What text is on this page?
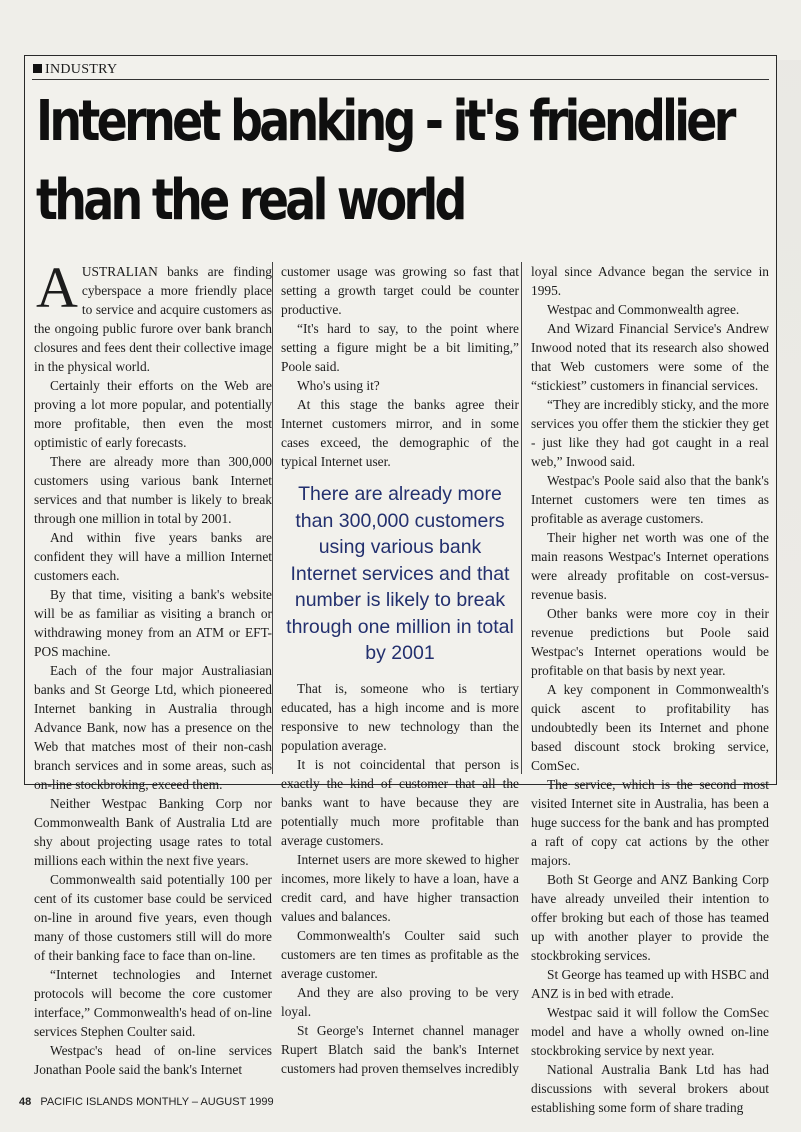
INDUSTRY
Internet banking - it's friendlier
than the real world

AUSTRALIAN banks are finding cyberspace a more friendly place to service and acquire customers as the ongoing public furore over bank branch closures and fees dent their collective image in the physical world.

Certainly their efforts on the Web are proving a lot more popular, and potentially more profitable, then even the most optimistic of early forecasts.

There are already more than 300,000 customers using various bank Internet services and that number is likely to break through one million in total by 2001.

And within five years banks are confident they will have a million Internet customers each.

By that time, visiting a bank's website will be as familiar as visiting a branch or withdrawing money from an ATM or EFT-POS machine.

Each of the four major Australiasian banks and St George Ltd, which pioneered Internet banking in Australia through Advance Bank, now has a presence on the Web that matches most of their non-cash branch services and in some areas, such as on-line stockbroking, exceed them.

Neither Westpac Banking Corp nor Commonwealth Bank of Australia Ltd are shy about projecting usage rates to total millions each within the next five years.

Commonwealth said potentially 100 per cent of its customer base could be serviced on-line in around five years, even though many of those customers still will do more of their banking face to face than on-line.

“Internet technologies and Internet protocols will become the core customer interface,” Commonwealth's head of on-line services Stephen Coulter said.

Westpac's head of on-line services Jonathan Poole said the bank's Internet

customer usage was growing so fast that setting a growth target could be counter productive.

“It's hard to say, to the point where setting a figure might be a bit limiting,” Poole said.

Who's using it?

At this stage the banks agree their Internet customers mirror, and in some cases exceed, the demographic of the typical Internet user.

There are already more than 300,000 customers using various bank Internet services and that number is likely to break through one million in total by 2001

That is, someone who is tertiary educated, has a high income and is more responsive to new technology than the population average.

It is not coincidental that person is exactly the kind of customer that all the banks want to have because they are potentially much more profitable than average customers.

Internet users are more skewed to higher incomes, more likely to have a loan, have a credit card, and have higher transaction values and balances.

Commonwealth's Coulter said such customers are ten times as profitable as the average customer.

And they are also proving to be very loyal.

St George's Internet channel manager Rupert Blatch said the bank's Internet customers had proven themselves incredibly

loyal since Advance began the service in 1995.

Westpac and Commonwealth agree.

And Wizard Financial Service's Andrew Inwood noted that its research also showed that Web customers were some of the “stickiest” customers in financial services.

“They are incredibly sticky, and the more services you offer them the stickier they get - just like they had got caught in a real web,” Inwood said.

Westpac's Poole said also that the bank's Internet customers were ten times as profitable as average customers.

Their higher net worth was one of the main reasons Westpac's Internet operations were already profitable on cost-versus-revenue basis.

Other banks were more coy in their revenue predictions but Poole said Westpac's Internet operations would be profitable on that basis by next year.

A key component in Commonwealth's quick ascent to profitability has undoubtedly been its Internet and phone based discount stock broking service, ComSec.

The service, which is the second most visited Internet site in Australia, has been a huge success for the bank and has prompted a raft of copy cat actions by the other majors.

Both St George and ANZ Banking Corp have already unveiled their intention to offer broking but each of those has teamed up with another player to provide the stockbroking services.

St George has teamed up with HSBC and ANZ is in bed with etrade.

Westpac said it will follow the ComSec model and have a wholly owned on-line stockbroking service by next year.

National Australia Bank Ltd has had discussions with several brokers about establishing some form of share trading

48 PACIFIC ISLANDS MONTHLY – AUGUST 1999
